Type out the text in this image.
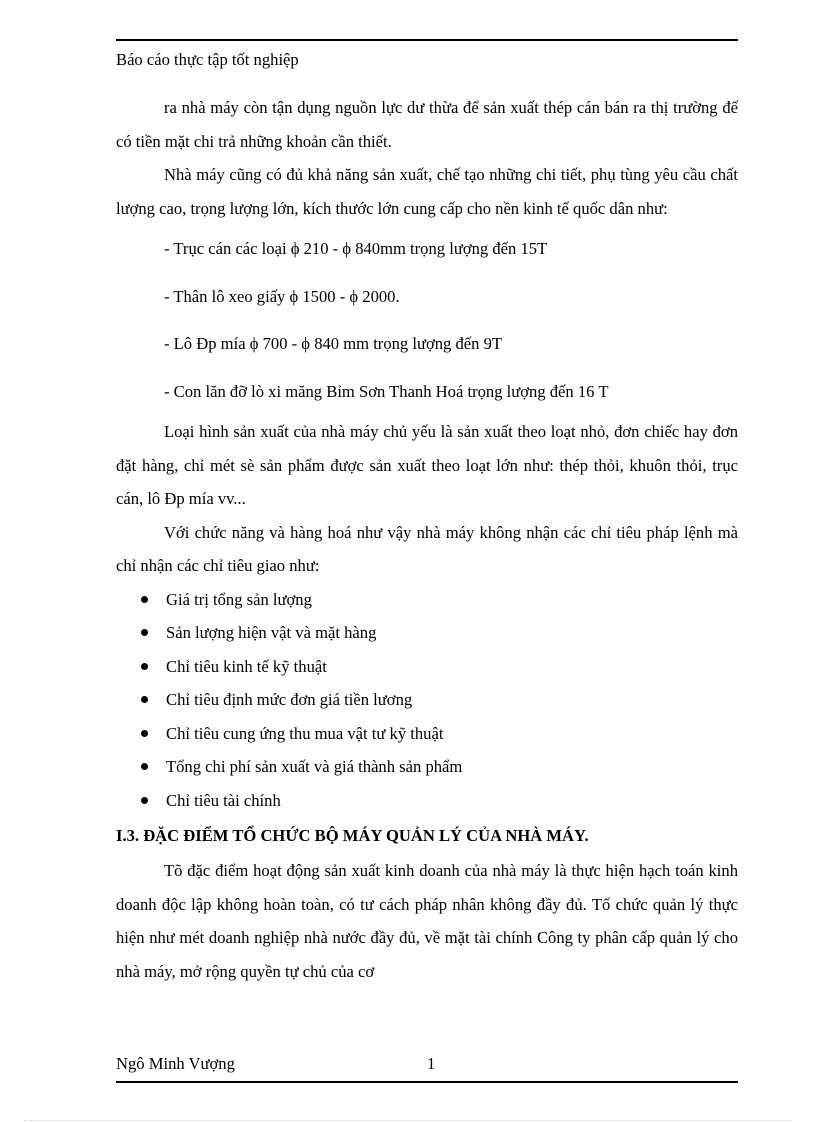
Báo cáo thực tập tốt nghiệp

ra nhà máy còn tận dụng nguồn lực dư thừa để sản xuất thép cán bán ra thị trường để có tiền mặt chi trả những khoản cần thiết.

Nhà máy cũng có đủ khả năng sản xuất, chế tạo những chi tiết, phụ tùng yêu cầu chất lượng cao, trọng lượng lớn, kích thước lớn cung cấp cho nền kinh tế quốc dân như:

- Trục cán các loại ϕ 210 - ϕ 840mm trọng lượng đến 15T

- Thân lô xeo giấy ϕ 1500 - ϕ 2000.

- Lô Ðp mía ϕ 700 - ϕ 840 mm trọng lượng đến 9T

- Con lăn đỡ lò xi măng Bỉm Sơn Thanh Hoá trọng lượng đến 16 T

Loại hình sản xuất của nhà máy chủ yếu là sản xuất theo loạt nhỏ, đơn chiếc hay đơn đặt hàng, chỉ mét sè sản phẩm được sản xuất theo loạt lớn như: thép thỏi, khuôn thỏi, trục cán, lô Ðp mía vv...

Với chức năng và hàng hoá như vậy nhà máy không nhận các chỉ tiêu pháp lệnh mà chỉ nhận các chỉ tiêu giao như:

Giá trị tổng sản lượng
Sản lượng hiện vật và mặt hàng
Chỉ tiêu kinh tế kỹ thuật
Chỉ tiêu định mức đơn giá tiền lương
Chỉ tiêu cung ứng thu mua vật tư kỹ thuật
Tổng chi phí sản xuất và giá thành sản phẩm
Chỉ tiêu tài chính
I.3. ĐẶC ĐIỂM TỔ CHỨC BỘ MÁY QUẢN LÝ CỦA NHÀ MÁY.

Tõ đặc điểm hoạt động sản xuất kinh doanh của nhà máy là thực hiện hạch toán kinh doanh độc lập không hoàn toàn, có tư cách pháp nhân không đầy đủ. Tổ chức quản lý thực hiện như mét doanh nghiệp nhà nước đầy đủ, về mặt tài chính Công ty phân cấp quản lý cho nhà máy, mở rộng quyền tự chủ của cơ

Ngô Minh Vượng	1
